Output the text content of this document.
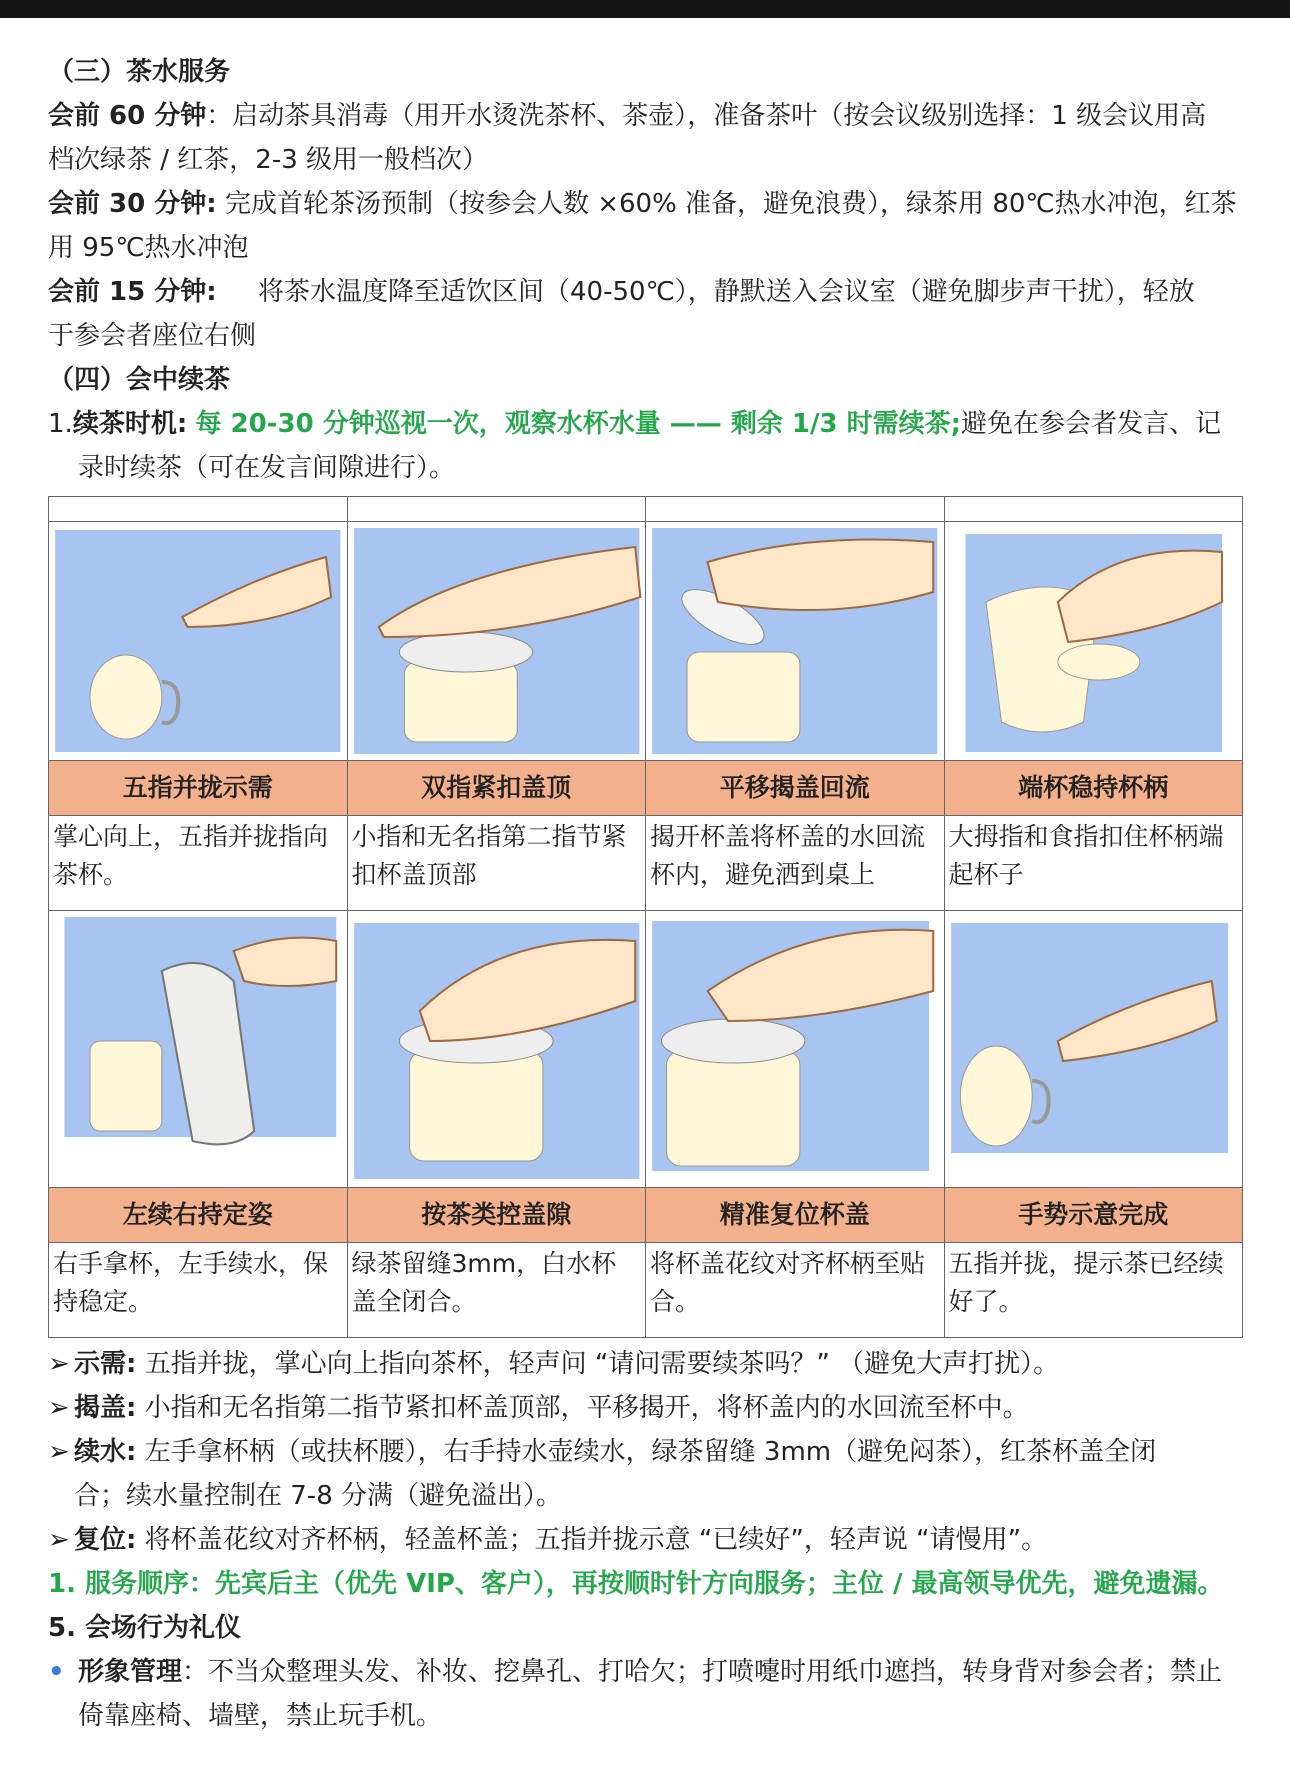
（三）茶水服务

会前 60 分钟：启动茶具消毒（用开水烫洗茶杯、茶壶），准备茶叶（按会议级别选择：1 级会议用高

档次绿茶 / 红茶，2-3 级用一般档次）

会前 30 分钟: 完成首轮茶汤预制（按参会人数 ×60% 准备，避免浪费），绿茶用 80℃热水冲泡，红茶

用 95℃热水冲泡

会前 15 分钟: 将茶水温度降至适饮区间（40-50℃），静默送入会议室（避免脚步声干扰），轻放

于参会者座位右侧

（四）会中续茶

1.续茶时机: 每 20-30 分钟巡视一次，观察水杯水量 —— 剩余 1/3 时需续茶;避免在参会者发言、记

录时续茶（可在发言间隙进行）。

五指并拢示需	双指紧扣盖顶	平移揭盖回流	端杯稳持杯柄
掌心向上，五指并拢指向茶杯。	小指和无名指第二指节紧扣杯盖顶部	揭开杯盖将杯盖的水回流杯内，避免洒到桌上	大拇指和食指扣住杯柄端起杯子

左续右持定姿	按茶类控盖隙	精准复位杯盖	手势示意完成
右手拿杯，左手续水，保持稳定。	绿茶留缝3mm，白水杯盖全闭合。	将杯盖花纹对齐杯柄至贴合。	五指并拢，提示茶已经续好了。

➢ 示需: 五指并拢，掌心向上指向茶杯，轻声问 “请问需要续茶吗？” （避免大声打扰）。

➢ 揭盖: 小指和无名指第二指节紧扣杯盖顶部，平移揭开，将杯盖内的水回流至杯中。

➢ 续水: 左手拿杯柄（或扶杯腰），右手持水壶续水，绿茶留缝 3mm（避免闷茶），红茶杯盖全闭

合；续水量控制在 7-8 分满（避免溢出）。

➢ 复位: 将杯盖花纹对齐杯柄，轻盖杯盖；五指并拢示意 “已续好”，轻声说 “请慢用”。

1. 服务顺序：先宾后主（优先 VIP、客户），再按顺时针方向服务；主位 / 最高领导优先，避免遗漏。

5. 会场行为礼仪

• 形象管理：不当众整理头发、补妆、挖鼻孔、打哈欠；打喷嚏时用纸巾遮挡，转身背对参会者；禁止

倚靠座椅、墙壁，禁止玩手机。
